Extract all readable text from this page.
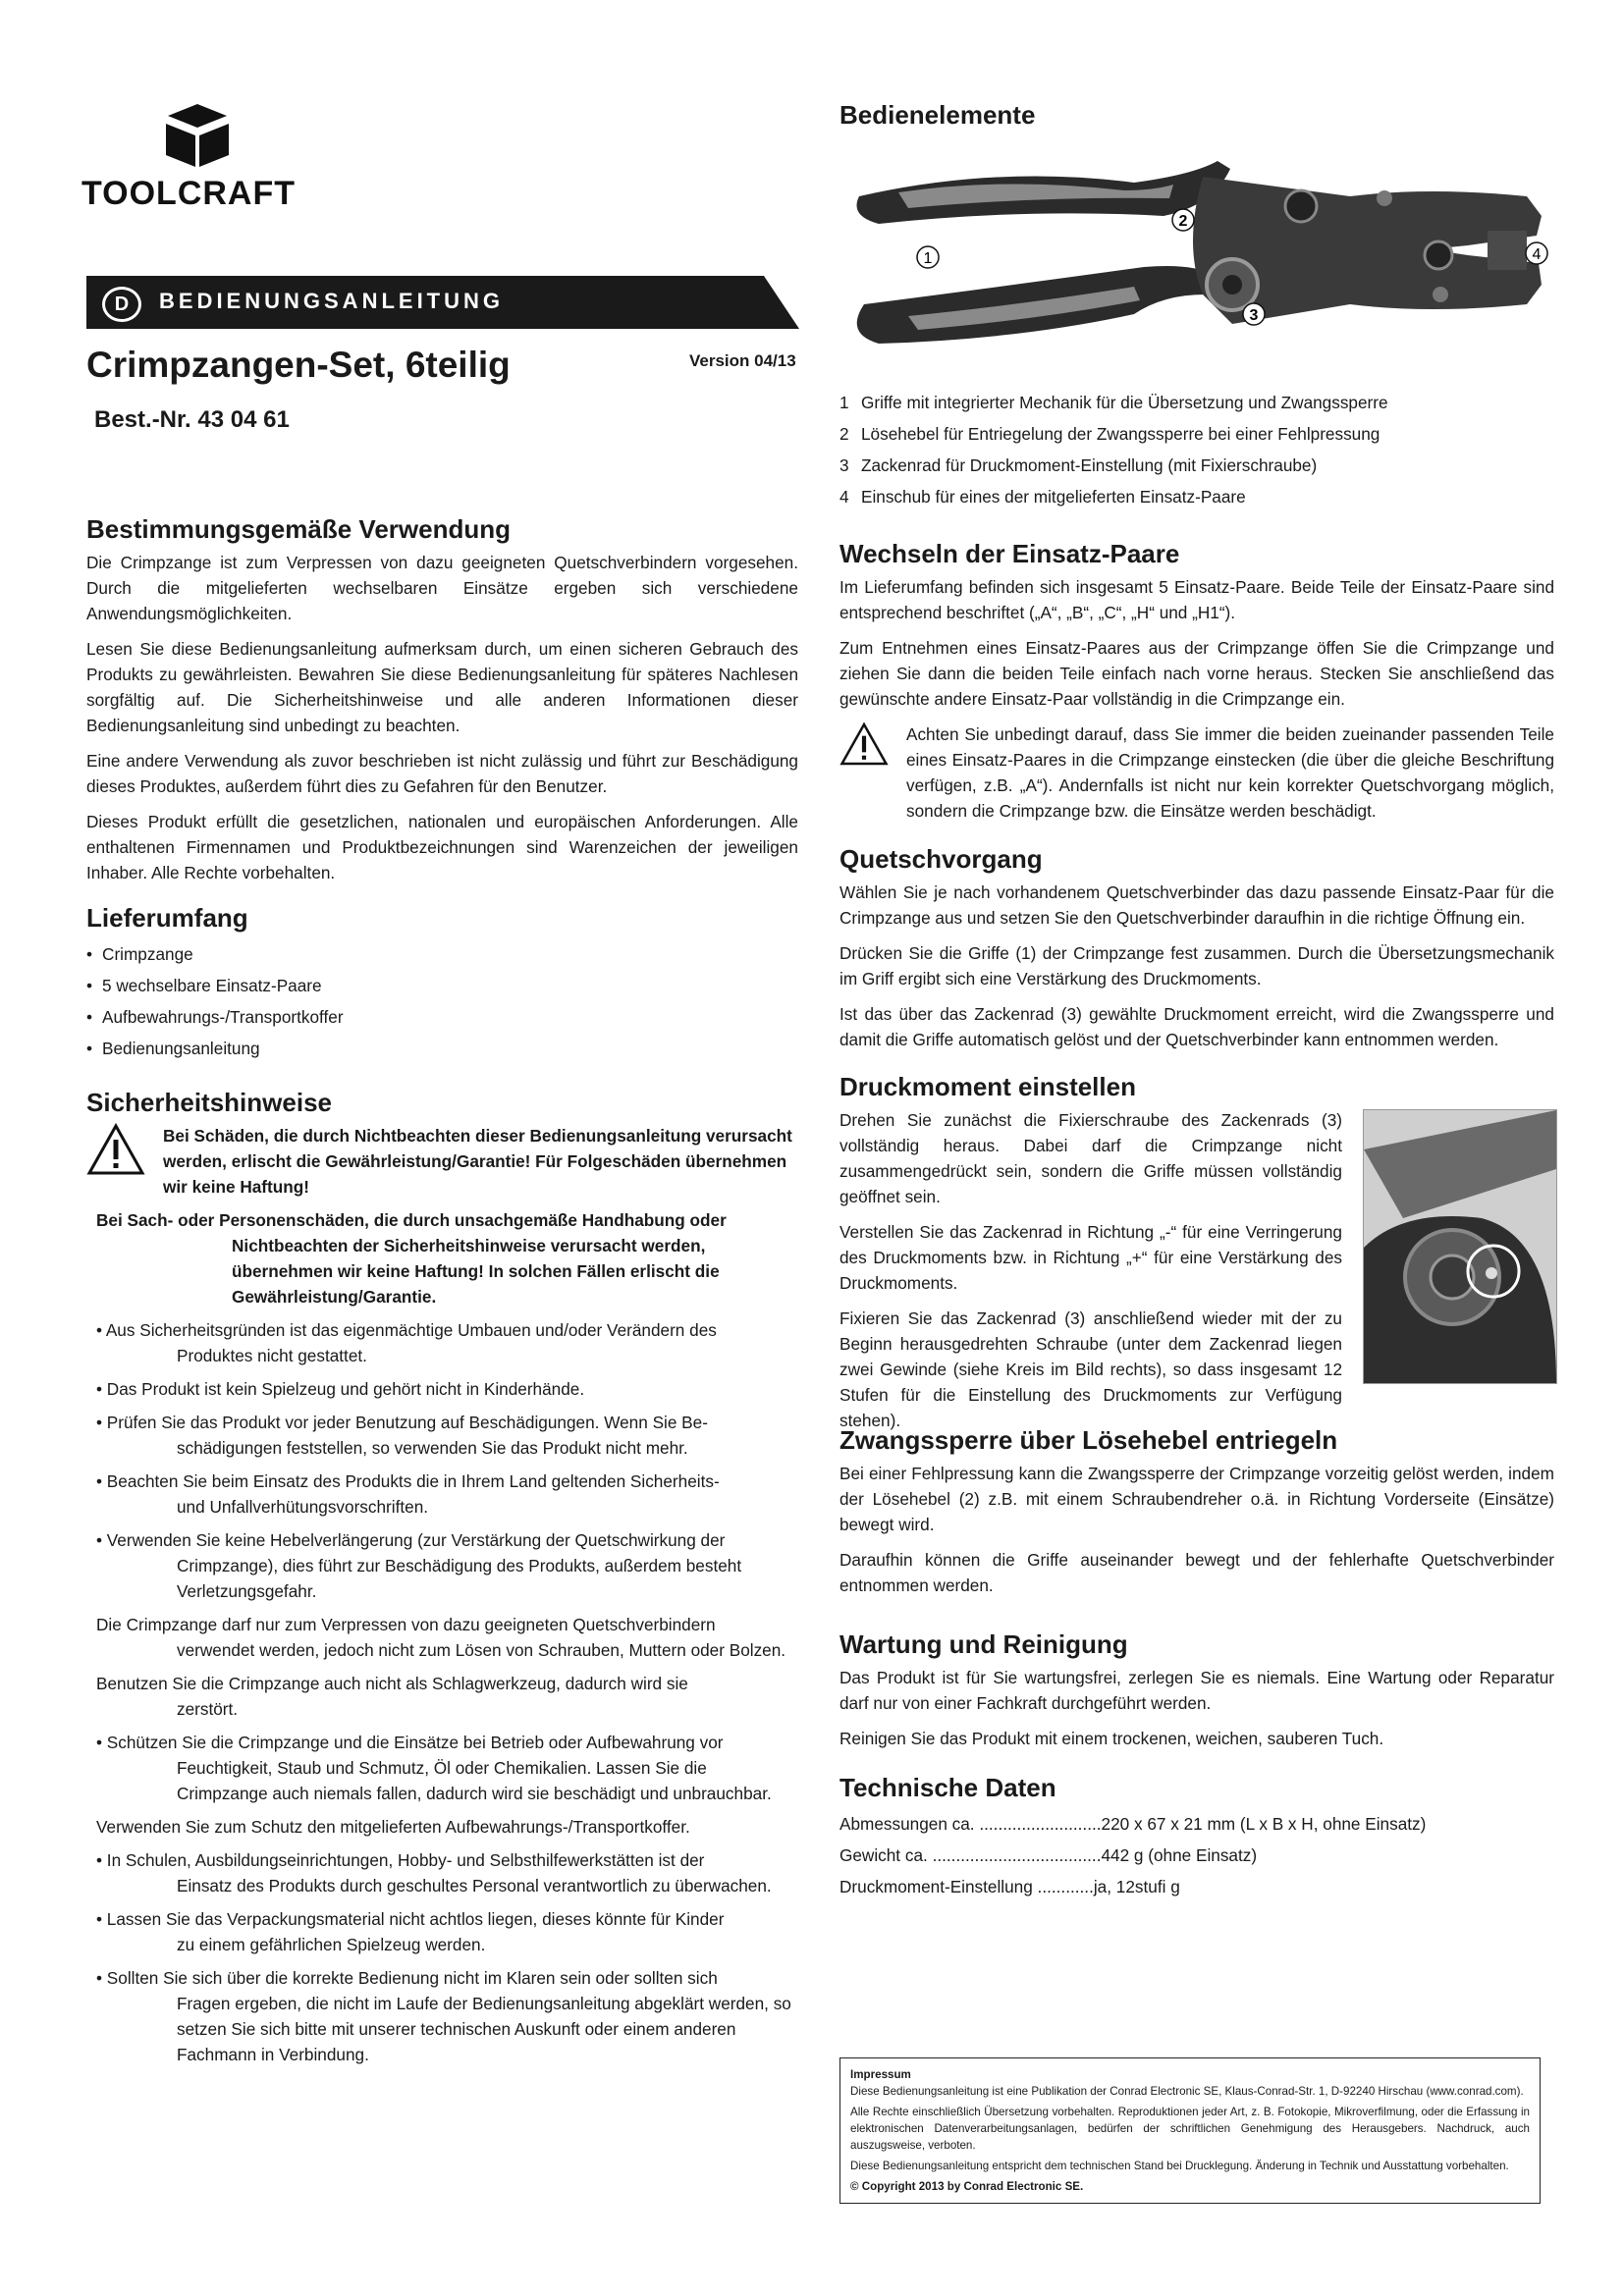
TOOLCRAFT
D	BEDIENUNGSANLEITUNG
Crimpzangen-Set, 6teilig	Version 04/13
Best.-Nr. 43 04 61
Bestimmungsgemäße Verwendung

Die Crimpzange ist zum Verpressen von dazu geeigneten Quetschverbindern vorgesehen. Durch die mitgelieferten wechselbaren Einsätze ergeben sich verschiedene Anwendungsmöglichkeiten.

Lesen Sie diese Bedienungsanleitung aufmerksam durch, um einen sicheren Gebrauch des Produkts zu gewährleisten. Bewahren Sie diese Bedienungsanleitung für späteres Nachlesen sorgfältig auf. Die Sicherheitshinweise und alle anderen Informationen dieser Bedienungsanleitung sind unbedingt zu beachten.

Eine andere Verwendung als zuvor beschrieben ist nicht zulässig und führt zur Beschädigung dieses Produktes, außerdem führt dies zu Gefahren für den Benutzer.

Dieses Produkt erfüllt die gesetzlichen, nationalen und europäischen Anforderungen. Alle enthaltenen Firmennamen und Produktbezeichnungen sind Warenzeichen der jeweiligen Inhaber. Alle Rechte vorbehalten.

Lieferumfang
• Crimpzange
• 5 wechselbare Einsatz-Paare
• Aufbewahrungs-/Transportkoffer
• Bedienungsanleitung
Sicherheitshinweise
Bei Schäden, die durch Nichtbeachten dieser Bedienungsanleitung verursacht werden, erlischt die Gewährleistung/Garantie! Für Folgeschäden übernehmen wir keine Haftung!
Bei Sach- oder Personenschäden, die durch unsachgemäße Handhabung oder
Nichtbeachten der Sicherheitshinweise verursacht werden, übernehmen wir keine Haftung! In solchen Fällen erlischt die Gewährleistung/Garantie.
• Aus Sicherheitsgründen ist das eigenmächtige Umbauen und/oder Verändern des
Produktes nicht gestattet.
• Das Produkt ist kein Spielzeug und gehört nicht in Kinderhände.
• Prüfen Sie das Produkt vor jeder Benutzung auf Beschädigungen. Wenn Sie Be-
schädigungen feststellen, so verwenden Sie das Produkt nicht mehr.
• Beachten Sie beim Einsatz des Produkts die in Ihrem Land geltenden Sicherheits-
und Unfallverhütungsvorschriften.
• Verwenden Sie keine Hebelverlängerung (zur Verstärkung der Quetschwirkung der
Crimpzange), dies führt zur Beschädigung des Produkts, außerdem besteht Verletzungsgefahr.
Die Crimpzange darf nur zum Verpressen von dazu geeigneten Quetschverbindern
verwendet werden, jedoch nicht zum Lösen von Schrauben, Muttern oder Bolzen.
Benutzen Sie die Crimpzange auch nicht als Schlagwerkzeug, dadurch wird sie
zerstört.
• Schützen Sie die Crimpzange und die Einsätze bei Betrieb oder Aufbewahrung vor
Feuchtigkeit, Staub und Schmutz, Öl oder Chemikalien. Lassen Sie die Crimpzange auch niemals fallen, dadurch wird sie beschädigt und unbrauchbar.
Verwenden Sie zum Schutz den mitgelieferten Aufbewahrungs-/Transportkoffer.
• In Schulen, Ausbildungseinrichtungen, Hobby- und Selbsthilfewerkstätten ist der
Einsatz des Produkts durch geschultes Personal verantwortlich zu überwachen.
• Lassen Sie das Verpackungsmaterial nicht achtlos liegen, dieses könnte für Kinder
zu einem gefährlichen Spielzeug werden.
• Sollten Sie sich über die korrekte Bedienung nicht im Klaren sein oder sollten sich
Fragen ergeben, die nicht im Laufe der Bedienungsanleitung abgeklärt werden, so setzen Sie sich bitte mit unserer technischen Auskunft oder einem anderen Fachmann in Verbindung.
Bedienelemente
1
2
3
4
1 Griffe mit integrierter Mechanik für die Übersetzung und Zwangssperre
2 Lösehebel für Entriegelung der Zwangssperre bei einer Fehlpressung
3 Zackenrad für Druckmoment-Einstellung (mit Fixierschraube)
4 Einschub für eines der mitgelieferten Einsatz-Paare
Wechseln der Einsatz-Paare

Im Lieferumfang befinden sich insgesamt 5 Einsatz-Paare. Beide Teile der Einsatz-Paare sind entsprechend beschriftet („A“, „B“, „C“, „H“ und „H1“).

Zum Entnehmen eines Einsatz-Paares aus der Crimpzange öffen Sie die Crimpzange und ziehen Sie dann die beiden Teile einfach nach vorne heraus. Stecken Sie anschließend das gewünschte andere Einsatz-Paar vollständig in die Crimpzange ein.

Achten Sie unbedingt darauf, dass Sie immer die beiden zueinander passenden Teile eines Einsatz-Paares in die Crimpzange einstecken (die über die gleiche Beschriftung verfügen, z.B. „A“). Andernfalls ist nicht nur kein korrekter Quetschvorgang möglich, sondern die Crimpzange bzw. die Einsätze werden beschädigt.

Quetschvorgang

Wählen Sie je nach vorhandenem Quetschverbinder das dazu passende Einsatz-Paar für die Crimpzange aus und setzen Sie den Quetschverbinder daraufhin in die richtige Öffnung ein.

Drücken Sie die Griffe (1) der Crimpzange fest zusammen. Durch die Übersetzungsmechanik im Griff ergibt sich eine Verstärkung des Druckmoments.

Ist das über das Zackenrad (3) gewählte Druckmoment erreicht, wird die Zwangssperre und damit die Griffe automatisch gelöst und der Quetschverbinder kann entnommen werden.

Druckmoment einstellen

Drehen Sie zunächst die Fixierschraube des Zackenrads (3) vollständig heraus. Dabei darf die Crimpzange nicht zusammengedrückt sein, sondern die Griffe müssen vollständig geöffnet sein.

Verstellen Sie das Zackenrad in Richtung „-“ für eine Verringerung des Druckmoments bzw. in Richtung „+“ für eine Verstärkung des Druckmoments.

Fixieren Sie das Zackenrad (3) anschließend wieder mit der zu Beginn herausgedrehten Schraube (unter dem Zackenrad liegen zwei Gewinde (siehe Kreis im Bild rechts), so dass insgesamt 12 Stufen für die Einstellung des Druckmoments zur Verfügung stehen).

Zwangssperre über Lösehebel entriegeln

Bei einer Fehlpressung kann die Zwangssperre der Crimpzange vorzeitig gelöst werden, indem der Lösehebel (2) z.B. mit einem Schraubendreher o.ä. in Richtung Vorderseite (Einsätze) bewegt wird.

Daraufhin können die Griffe auseinander bewegt und der fehlerhafte Quetschverbinder entnommen werden.

Wartung und Reinigung

Das Produkt ist für Sie wartungsfrei, zerlegen Sie es niemals. Eine Wartung oder Reparatur darf nur von einer Fachkraft durchgeführt werden.

Reinigen Sie das Produkt mit einem trockenen, weichen, sauberen Tuch.

Technische Daten
Abmessungen ca. ..........................220 x 67 x 21 mm (L x B x H, ohne Einsatz)
Gewicht ca. ....................................442 g (ohne Einsatz)
Druckmoment-Einstellung ............ja, 12stufi g
Impressum

Diese Bedienungsanleitung ist eine Publikation der Conrad Electronic SE, Klaus-Conrad-Str. 1, D-92240 Hirschau (www.conrad.com).

Alle Rechte einschließlich Übersetzung vorbehalten. Reproduktionen jeder Art, z. B. Fotokopie, Mikroverfilmung, oder die Erfassung in elektronischen Datenverarbeitungsanlagen, bedürfen der schriftlichen Genehmigung des Herausgebers. Nachdruck, auch auszugsweise, verboten.

Diese Bedienungsanleitung entspricht dem technischen Stand bei Drucklegung. Änderung in Technik und Ausstattung vorbehalten.

© Copyright 2013 by Conrad Electronic SE.
